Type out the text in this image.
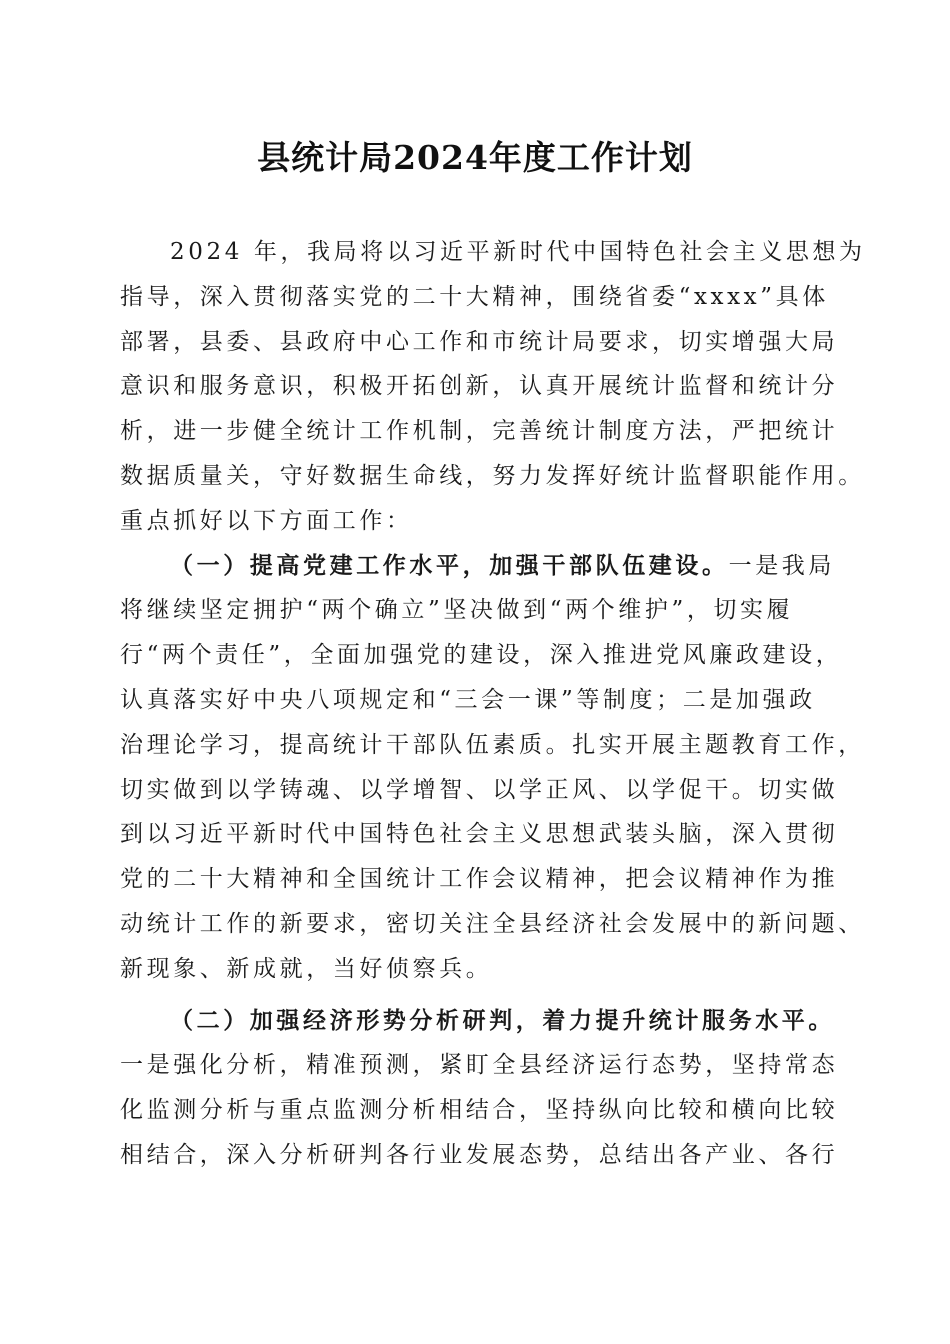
县统计局2024年度工作计划
2024 年，我局将以习近平新时代中国特色社会主义思想为
指导，深入贯彻落实党的二十大精神，围绕省委“xxxx”具体
部署，县委、县政府中心工作和市统计局要求，切实增强大局
意识和服务意识，积极开拓创新，认真开展统计监督和统计分
析，进一步健全统计工作机制，完善统计制度方法，严把统计
数据质量关，守好数据生命线，努力发挥好统计监督职能作用。
重点抓好以下方面工作：
（一）提高党建工作水平，加强干部队伍建设。一是我局
将继续坚定拥护“两个确立”坚决做到“两个维护”，切实履
行“两个责任”，全面加强党的建设，深入推进党风廉政建设，
认真落实好中央八项规定和“三会一课”等制度；二是加强政
治理论学习，提高统计干部队伍素质。扎实开展主题教育工作，
切实做到以学铸魂、以学增智、以学正风、以学促干。切实做
到以习近平新时代中国特色社会主义思想武装头脑，深入贯彻
党的二十大精神和全国统计工作会议精神，把会议精神作为推
动统计工作的新要求，密切关注全县经济社会发展中的新问题、
新现象、新成就，当好侦察兵。
（二）加强经济形势分析研判，着力提升统计服务水平。
一是强化分析，精准预测，紧盯全县经济运行态势，坚持常态
化监测分析与重点监测分析相结合，坚持纵向比较和横向比较
相结合，深入分析研判各行业发展态势，总结出各产业、各行
